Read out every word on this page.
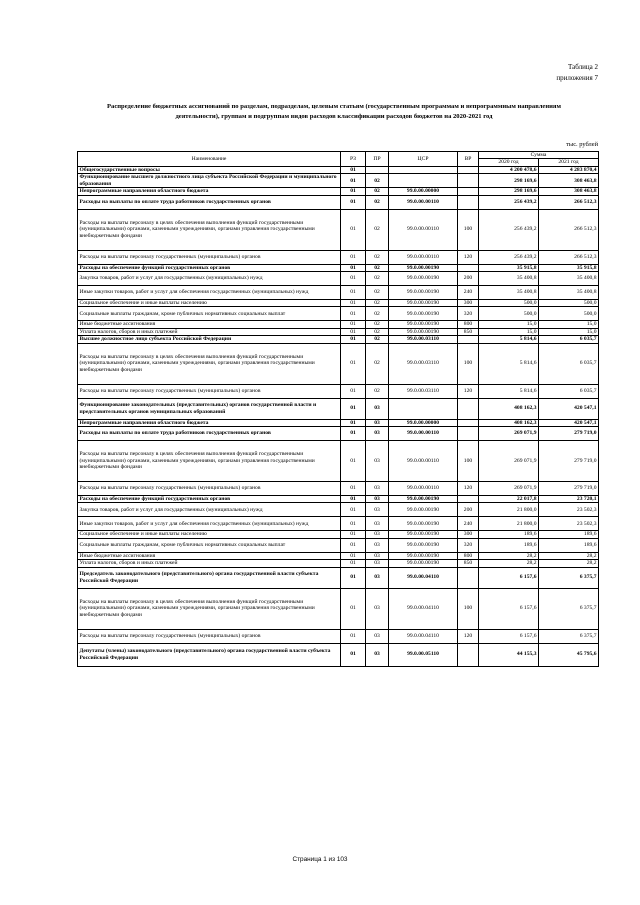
Таблица 2
приложения 7
Распределение бюджетных ассигнований по разделам, подразделам, целевым статьям (государственным программам и непрограммным направлениям деятельности), группам и подгруппам видов расходов классификации расходов бюджетов на 2020-2021 год
тыс. рублей
Наименование	РЗ	ПР	ЦСР	ВР	Сумма	
					2020 год	2021 год
Общегосударственные вопросы	01				4 200 478,6	4 283 870,4
Функционирование высшего должностного лица субъекта Российской Федерации и муниципального образования	01	02			298 169,6	308 463,8
Непрограммные направления областного бюджета	01	02	99.0.00.00000		298 169,6	308 463,8
Расходы на выплаты по оплате труда работников государственных органов	01	02	99.0.00.00110		256 439,2	266 512,3
Расходы на выплаты персоналу в целях обеспечения выполнения функций государственными (муниципальными) органами, казенными учреждениями, органами управления государственными внебюджетными фондами	01	02	99.0.00.00110	100	256 439,2	266 512,3
Расходы на выплаты персоналу государственных (муниципальных) органов	01	02	99.0.00.00110	120	256 439,2	266 512,3
Расходы на обеспечение функций государственных органов	01	02	99.0.00.00190		35 915,8	35 915,8
Закупка товаров, работ и услуг для государственных (муниципальных) нужд	01	02	99.0.00.00190	200	35 400,8	35 400,8
Иные закупки товаров, работ и услуг для обеспечения государственных (муниципальных) нужд	01	02	99.0.00.00190	240	35 400,8	35 400,8
Социальное обеспечение и иные выплаты населению	01	02	99.0.00.00190	300	500,0	500,0
Социальные выплаты гражданам, кроме публичных нормативных социальных выплат	01	02	99.0.00.00190	320	500,0	500,0
Иные бюджетные ассигнования	01	02	99.0.00.00190	800	15,0	15,0
Уплата налогов, сборов и иных платежей	01	02	99.0.00.00190	850	15,0	15,0
Высшее должностное лицо субъекта Российской Федерации	01	02	99.0.00.03110		5 814,6	6 035,7
Расходы на выплаты персоналу в целях обеспечения выполнения функций государственными (муниципальными) органами, казенными учреждениями, органами управления государственными внебюджетными фондами	01	02	99.0.00.03110	100	5 814,6	6 035,7
Расходы на выплаты персоналу государственных (муниципальных) органов	01	02	99.0.00.03110	120	5 814,6	6 035,7
Функционирование законодательных (представительных) органов государственной власти и представительных органов муниципальных образований	01	03			408 162,3	420 547,1
Непрограммные направления областного бюджета	01	03	99.0.00.00000		408 162,3	420 547,1
Расходы на выплаты по оплате труда работников государственных органов	01	03	99.0.00.00110		269 071,9	279 719,0
Расходы на выплаты персоналу в целях обеспечения выполнения функций государственными (муниципальными) органами, казенными учреждениями, органами управления государственными внебюджетными фондами	01	03	99.0.00.00110	100	269 071,9	279 719,0
Расходы на выплаты персоналу государственных (муниципальных) органов	01	03	99.0.00.00110	120	269 071,9	279 719,0
Расходы на обеспечение функций государственных органов	01	03	99.0.00.00190		22 017,8	23 720,1
Закупка товаров, работ и услуг для государственных (муниципальных) нужд	01	03	99.0.00.00190	200	21 800,0	23 502,3
Иные закупки товаров, работ и услуг для обеспечения государственных (муниципальных) нужд	01	03	99.0.00.00190	240	21 800,0	23 502,3
Социальное обеспечение и иные выплаты населению	01	03	99.0.00.00190	300	189,6	189,6
Социальные выплаты гражданам, кроме публичных нормативных социальных выплат	01	03	99.0.00.00190	320	189,6	189,6
Иные бюджетные ассигнования	01	03	99.0.00.00190	800	28,2	28,2
Уплата налогов, сборов и иных платежей	01	03	99.0.00.00190	850	28,2	28,2
Председатель законодательного (представительного) органа государственной власти субъекта Российской Федерации	01	03	99.0.00.04110		6 157,6	6 375,7
Расходы на выплаты персоналу в целях обеспечения выполнения функций государственными (муниципальными) органами, казенными учреждениями, органами управления государственными внебюджетными фондами	01	03	99.0.00.04110	100	6 157,6	6 375,7
Расходы на выплаты персоналу государственных (муниципальных) органов	01	03	99.0.00.04110	120	6 157,6	6 375,7
Депутаты (члены) законодательного (представительного) органа государственной власти субъекта Российской Федерации	01	03	99.0.00.05110		44 155,3	45 795,6
Страница 1 из 103
